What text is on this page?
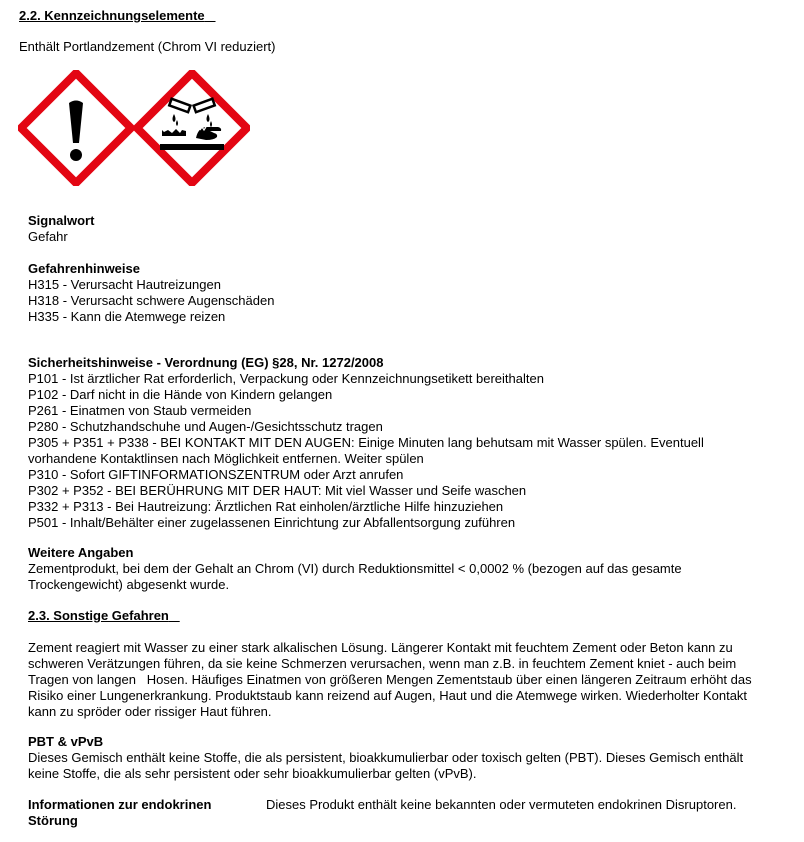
2.2. Kennzeichnungselemente
Enthält Portlandzement (Chrom VI reduziert)
Signalwort
Gefahr
Gefahrenhinweise
H315 - Verursacht Hautreizungen
H318 - Verursacht schwere Augenschäden
H335 - Kann die Atemwege reizen
Sicherheitshinweise - Verordnung (EG) §28, Nr. 1272/2008
P101 - Ist ärztlicher Rat erforderlich, Verpackung oder Kennzeichnungsetikett bereithalten
P102 - Darf nicht in die Hände von Kindern gelangen
P261 - Einatmen von Staub vermeiden
P280 - Schutzhandschuhe und Augen-/Gesichtsschutz tragen
P305 + P351 + P338 - BEI KONTAKT MIT DEN AUGEN: Einige Minuten lang behutsam mit Wasser spülen. Eventuell
vorhandene Kontaktlinsen nach Möglichkeit entfernen. Weiter spülen
P310 - Sofort GIFTINFORMATIONSZENTRUM oder Arzt anrufen
P302 + P352 - BEI BERÜHRUNG MIT DER HAUT: Mit viel Wasser und Seife waschen
P332 + P313 - Bei Hautreizung: Ärztlichen Rat einholen/ärztliche Hilfe hinzuziehen
P501 - Inhalt/Behälter einer zugelassenen Einrichtung zur Abfallentsorgung zuführen
Weitere Angaben
Zementprodukt, bei dem der Gehalt an Chrom (VI) durch Reduktionsmittel < 0,0002 % (bezogen auf das gesamte
Trockengewicht) abgesenkt wurde.
2.3. Sonstige Gefahren
Zement reagiert mit Wasser zu einer stark alkalischen Lösung. Längerer Kontakt mit feuchtem Zement oder Beton kann zu
schweren Verätzungen führen, da sie keine Schmerzen verursachen, wenn man z.B. in feuchtem Zement kniet - auch beim
Tragen von langen   Hosen. Häufiges Einatmen von größeren Mengen Zementstaub über einen längeren Zeitraum erhöht das
Risiko einer Lungenerkrankung. Produktstaub kann reizend auf Augen, Haut und die Atemwege wirken. Wiederholter Kontakt
kann zu spröder oder rissiger Haut führen.
PBT & vPvB
Dieses Gemisch enthält keine Stoffe, die als persistent, bioakkumulierbar oder toxisch gelten (PBT). Dieses Gemisch enthält
keine Stoffe, die als sehr persistent oder sehr bioakkumulierbar gelten (vPvB).
Informationen zur endokrinen
Störung
Dieses Produkt enthält keine bekannten oder vermuteten endokrinen Disruptoren.
